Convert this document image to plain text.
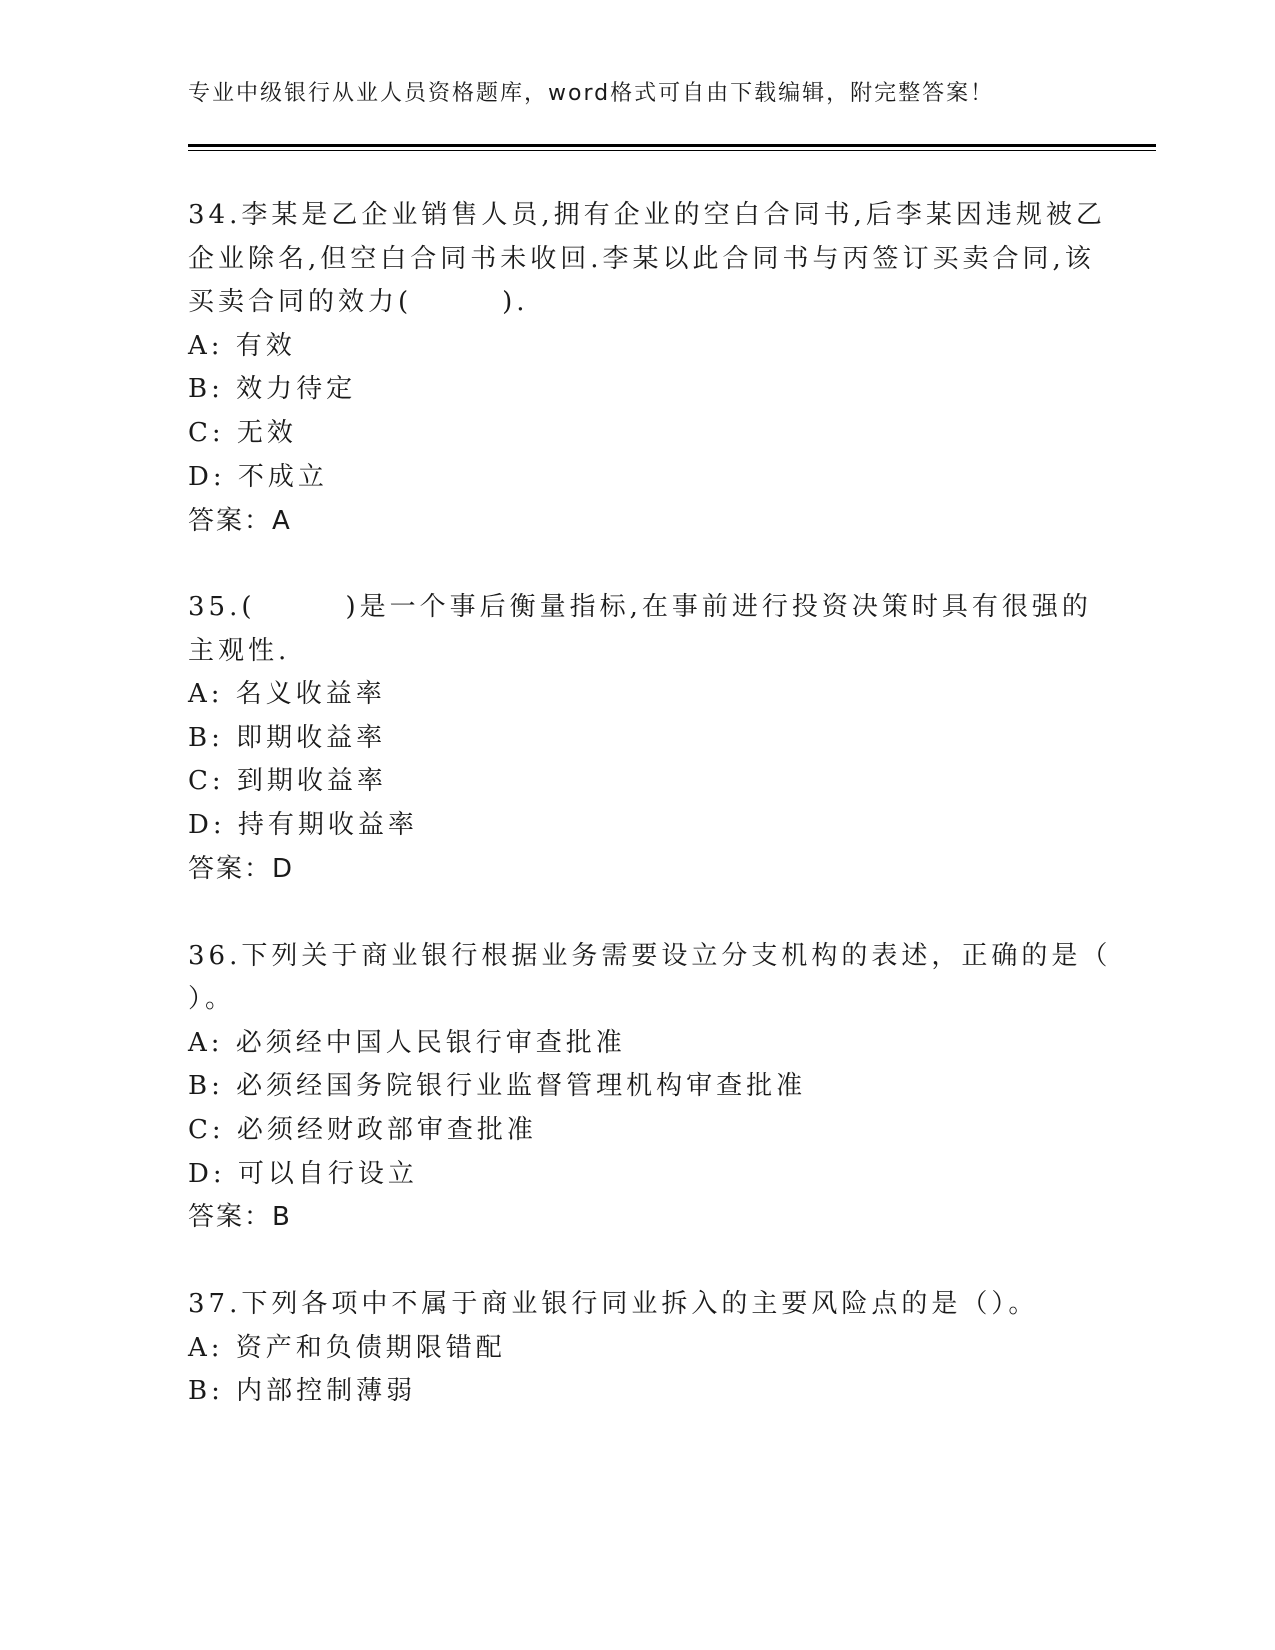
专业中级银行从业人员资格题库，word格式可自由下载编辑，附完整答案！
34.李某是乙企业销售人员,拥有企业的空白合同书,后李某因违规被乙
企业除名,但空白合同书未收回.李某以此合同书与丙签订买卖合同,该
买卖合同的效力(　　　).
A: 有效
B: 效力待定
C: 无效
D: 不成立
答案：A
35.(　　　)是一个事后衡量指标,在事前进行投资决策时具有很强的
主观性.
A: 名义收益率
B: 即期收益率
C: 到期收益率
D: 持有期收益率
答案：D
36.下列关于商业银行根据业务需要设立分支机构的表述，正确的是（
）。
A: 必须经中国人民银行审查批准
B: 必须经国务院银行业监督管理机构审查批准
C: 必须经财政部审查批准
D: 可以自行设立
答案：B
37.下列各项中不属于商业银行同业拆入的主要风险点的是（）。
A: 资产和负债期限错配
B: 内部控制薄弱
